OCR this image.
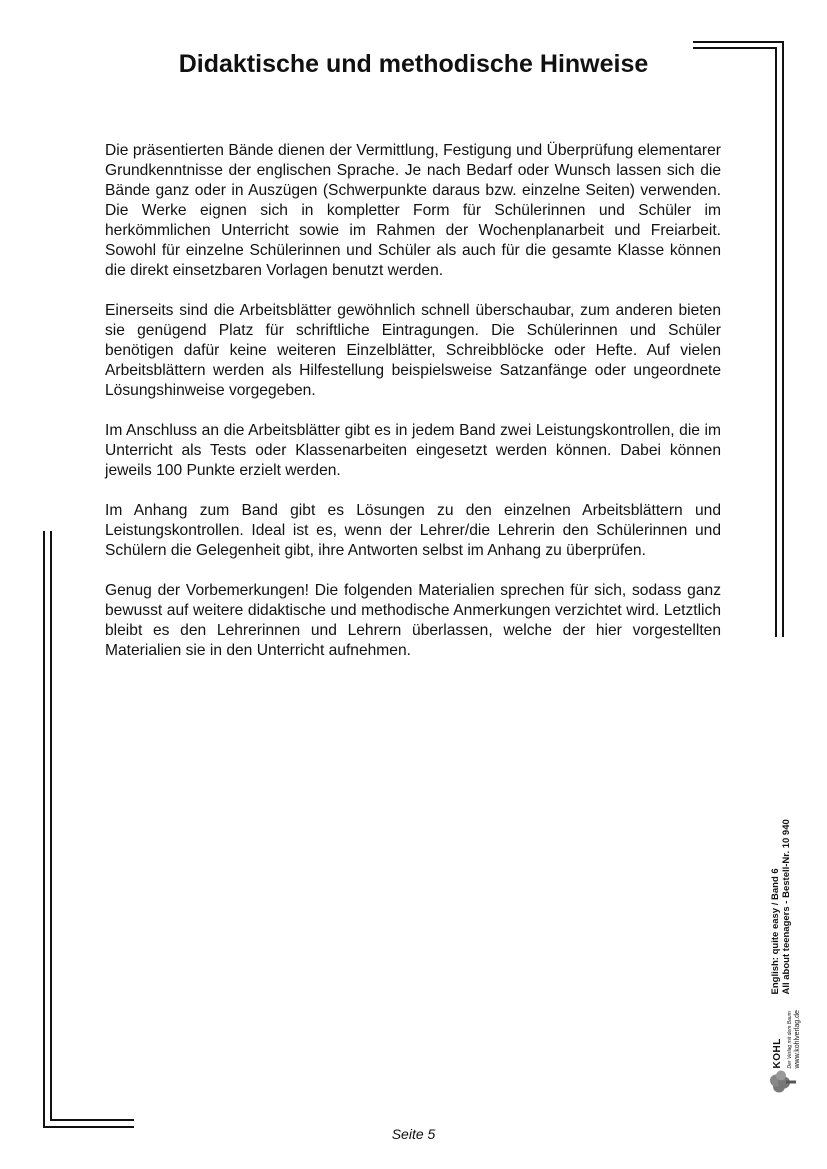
Didaktische und methodische Hinweise

Die präsentierten Bände dienen der Vermittlung, Festigung und Überprüfung elementarer Grundkenntnisse der englischen Sprache. Je nach Bedarf oder Wunsch lassen sich die Bände ganz oder in Auszügen (Schwerpunkte daraus bzw. einzelne Seiten) verwenden. Die Werke eignen sich in kompletter Form für Schülerinnen und Schüler im herkömmlichen Unterricht sowie im Rahmen der Wochenplanarbeit und Freiarbeit. Sowohl für einzelne Schülerinnen und Schüler als auch für die gesamte Klasse können die direkt einsetzbaren Vorlagen benutzt werden.

Einerseits sind die Arbeitsblätter gewöhnlich schnell überschaubar, zum anderen bieten sie genügend Platz für schriftliche Eintragungen. Die Schülerinnen und Schüler benötigen dafür keine weiteren Einzelblätter, Schreibblöcke oder Hefte. Auf vielen Arbeitsblättern werden als Hilfestellung beispielsweise Satzanfänge oder ungeordnete Lösungshinweise vorgegeben.

Im Anschluss an die Arbeitsblätter gibt es in jedem Band zwei Leistungskontrollen, die im Unterricht als Tests oder Klassenarbeiten eingesetzt werden können. Dabei können jeweils 100 Punkte erzielt werden.

Im Anhang zum Band gibt es Lösungen zu den einzelnen Arbeitsblättern und Leistungskontrollen. Ideal ist es, wenn der Lehrer/die Lehrerin den Schülerinnen und Schülern die Gelegenheit gibt, ihre Antworten selbst im Anhang zu überprüfen.

Genug der Vorbemerkungen! Die folgenden Materialien sprechen für sich, sodass ganz bewusst auf weitere didaktische und methodische Anmerkungen verzichtet wird. Letztlich bleibt es den Lehrerinnen und Lehrern überlassen, welche der hier vorgestellten Materialien sie in den Unterricht aufnehmen.

KOHL Der Verlag mit dem Baum
English: quite easy / Band 6 All about teenagers - Bestell-Nr. 10 940
www.kohlverlag.de
Seite 5
